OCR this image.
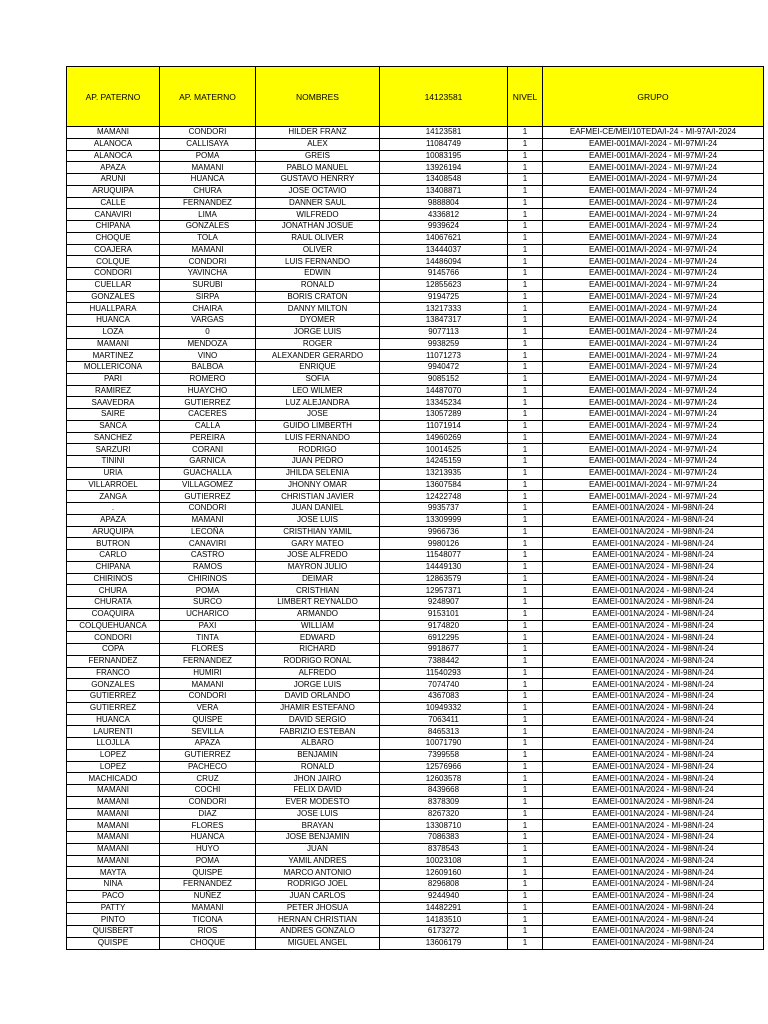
AP. PATERNO	AP. MATERNO	NOMBRES	14123581	NIVEL	GRUPO
MAMANI	CONDORI	HILDER FRANZ	14123581	1	EAFMEI-CE/MEI/10TEDA/I-24 - MI-97A/I-2024
ALANOCA	CALLISAYA	ALEX	11084749	1	EAMEI-001MA/I-2024 - MI-97M/I-24
ALANOCA	POMA	GREIS	10083195	1	EAMEI-001MA/I-2024 - MI-97M/I-24
APAZA	MAMANI	PABLO MANUEL	13926194	1	EAMEI-001MA/I-2024 - MI-97M/I-24
ARUNI	HUANCA	GUSTAVO HENRRY	13408548	1	EAMEI-001MA/I-2024 - MI-97M/I-24
ARUQUIPA	CHURA	JOSE OCTAVIO	13408871	1	EAMEI-001MA/I-2024 - MI-97M/I-24
CALLE	FERNANDEZ	DANNER SAUL	9888804	1	EAMEI-001MA/I-2024 - MI-97M/I-24
CANAVIRI	LIMA	WILFREDO	4336812	1	EAMEI-001MA/I-2024 - MI-97M/I-24
CHIPANA	GONZALES	JONATHAN JOSUE	9939624	1	EAMEI-001MA/I-2024 - MI-97M/I-24
CHOQUE	TOLA	RAUL OLIVER	14067621	1	EAMEI-001MA/I-2024 - MI-97M/I-24
COAJERA	MAMANI	OLIVER	13444037	1	EAMEI-001MA/I-2024 - MI-97M/I-24
COLQUE	CONDORI	LUIS FERNANDO	14486094	1	EAMEI-001MA/I-2024 - MI-97M/I-24
CONDORI	YAVINCHA	EDWIN	9145766	1	EAMEI-001MA/I-2024 - MI-97M/I-24
CUELLAR	SURUBI	RONALD	12855623	1	EAMEI-001MA/I-2024 - MI-97M/I-24
GONZALES	SIRPA	BORIS CRATON	9194725	1	EAMEI-001MA/I-2024 - MI-97M/I-24
HUALLPARA	CHAIRA	DANNY MILTON	13217333	1	EAMEI-001MA/I-2024 - MI-97M/I-24
HUANCA	VARGAS	DYOMER	13847317	1	EAMEI-001MA/I-2024 - MI-97M/I-24
LOZA	0	JORGE LUIS	9077113	1	EAMEI-001MA/I-2024 - MI-97M/I-24
MAMANI	MENDOZA	ROGER	9938259	1	EAMEI-001MA/I-2024 - MI-97M/I-24
MARTINEZ	VINO	ALEXANDER GERARDO	11071273	1	EAMEI-001MA/I-2024 - MI-97M/I-24
MOLLERICONA	BALBOA	ENRIQUE	9940472	1	EAMEI-001MA/I-2024 - MI-97M/I-24
PARI	ROMERO	SOFIA	9085152	1	EAMEI-001MA/I-2024 - MI-97M/I-24
RAMIREZ	HUAYCHO	LEO WILMER	14487070	1	EAMEI-001MA/I-2024 - MI-97M/I-24
SAAVEDRA	GUTIERREZ	LUZ ALEJANDRA	13345234	1	EAMEI-001MA/I-2024 - MI-97M/I-24
SAIRE	CACERES	JOSE	13057289	1	EAMEI-001MA/I-2024 - MI-97M/I-24
SANCA	CALLA	GUIDO LIMBERTH	11071914	1	EAMEI-001MA/I-2024 - MI-97M/I-24
SANCHEZ	PEREIRA	LUIS FERNANDO	14960269	1	EAMEI-001MA/I-2024 - MI-97M/I-24
SARZURI	CORANI	RODRIGO	10014525	1	EAMEI-001MA/I-2024 - MI-97M/I-24
TININI	GARNICA	JUAN PEDRO	14245159	1	EAMEI-001MA/I-2024 - MI-97M/I-24
URIA	GUACHALLA	JHILDA SELENIA	13213935	1	EAMEI-001MA/I-2024 - MI-97M/I-24
VILLARROEL	VILLAGOMEZ	JHONNY OMAR	13607584	1	EAMEI-001MA/I-2024 - MI-97M/I-24
ZANGA	GUTIERREZ	CHRISTIAN JAVIER	12422748	1	EAMEI-001MA/I-2024 - MI-97M/I-24
.	CONDORI	JUAN DANIEL	9935737	1	EAMEI-001NA/2024 - MI-98N/I-24
APAZA	MAMANI	JOSE LUIS	13309999	1	EAMEI-001NA/2024 - MI-98N/I-24
ARUQUIPA	LECOÑA	CRISTHIAN YAMIL	9966736	1	EAMEI-001NA/2024 - MI-98N/I-24
BUTRON	CANAVIRI	GARY MATEO	9980126	1	EAMEI-001NA/2024 - MI-98N/I-24
CARLO	CASTRO	JOSE ALFREDO	11548077	1	EAMEI-001NA/2024 - MI-98N/I-24
CHIPANA	RAMOS	MAYRON JULIO	14449130	1	EAMEI-001NA/2024 - MI-98N/I-24
CHIRINOS	CHIRINOS	DEIMAR	12863579	1	EAMEI-001NA/2024 - MI-98N/I-24
CHURA	POMA	CRISTHIAN	12957371	1	EAMEI-001NA/2024 - MI-98N/I-24
CHURATA	SURCO	LIMBERT REYNALDO	9248907	1	EAMEI-001NA/2024 - MI-98N/I-24
COAQUIRA	UCHARICO	ARMANDO	9153101	1	EAMEI-001NA/2024 - MI-98N/I-24
COLQUEHUANCA	PAXI	WILLIAM	9174820	1	EAMEI-001NA/2024 - MI-98N/I-24
CONDORI	TINTA	EDWARD	6912295	1	EAMEI-001NA/2024 - MI-98N/I-24
COPA	FLORES	RICHARD	9918677	1	EAMEI-001NA/2024 - MI-98N/I-24
FERNANDEZ	FERNANDEZ	RODRIGO RONAL	7388442	1	EAMEI-001NA/2024 - MI-98N/I-24
FRANCO	HUMIRI	ALFREDO	11540293	1	EAMEI-001NA/2024 - MI-98N/I-24
GONZALES	MAMANI	JORGE LUIS	7074740	1	EAMEI-001NA/2024 - MI-98N/I-24
GUTIERREZ	CONDORI	DAVID ORLANDO	4367083	1	EAMEI-001NA/2024 - MI-98N/I-24
GUTIERREZ	VERA	JHAMIR ESTEFANO	10949332	1	EAMEI-001NA/2024 - MI-98N/I-24
HUANCA	QUISPE	DAVID SERGIO	7063411	1	EAMEI-001NA/2024 - MI-98N/I-24
LAURENTI	SEVILLA	FABRIZIO ESTEBAN	8465313	1	EAMEI-001NA/2024 - MI-98N/I-24
LLOJLLA	APAZA	ALBARO	10071790	1	EAMEI-001NA/2024 - MI-98N/I-24
LOPEZ	GUTIERREZ	BENJAMIN	7399558	1	EAMEI-001NA/2024 - MI-98N/I-24
LOPEZ	PACHECO	RONALD	12576966	1	EAMEI-001NA/2024 - MI-98N/I-24
MACHICADO	CRUZ	JHON JAIRO	12603578	1	EAMEI-001NA/2024 - MI-98N/I-24
MAMANI	COCHI	FELIX DAVID	8439668	1	EAMEI-001NA/2024 - MI-98N/I-24
MAMANI	CONDORI	EVER MODESTO	8378309	1	EAMEI-001NA/2024 - MI-98N/I-24
MAMANI	DIAZ	JOSE LUIS	8267320	1	EAMEI-001NA/2024 - MI-98N/I-24
MAMANI	FLORES	BRAYAN	13308710	1	EAMEI-001NA/2024 - MI-98N/I-24
MAMANI	HUANCA	JOSE BENJAMIN	7086383	1	EAMEI-001NA/2024 - MI-98N/I-24
MAMANI	HUYO	JUAN	8378543	1	EAMEI-001NA/2024 - MI-98N/I-24
MAMANI	POMA	YAMIL ANDRES	10023108	1	EAMEI-001NA/2024 - MI-98N/I-24
MAYTA	QUISPE	MARCO ANTONIO	12609160	1	EAMEI-001NA/2024 - MI-98N/I-24
NINA	FERNANDEZ	RODRIGO JOEL	8296808	1	EAMEI-001NA/2024 - MI-98N/I-24
PACO	NUÑEZ	JUAN CARLOS	9244940	1	EAMEI-001NA/2024 - MI-98N/I-24
PATTY	MAMANI	PETER JHOSUA	14482291	1	EAMEI-001NA/2024 - MI-98N/I-24
PINTO	TICONA	HERNAN CHRISTIAN	14183510	1	EAMEI-001NA/2024 - MI-98N/I-24
QUISBERT	RIOS	ANDRES GONZALO	6173272	1	EAMEI-001NA/2024 - MI-98N/I-24
QUISPE	CHOQUE	MIGUEL ANGEL	13606179	1	EAMEI-001NA/2024 - MI-98N/I-24
